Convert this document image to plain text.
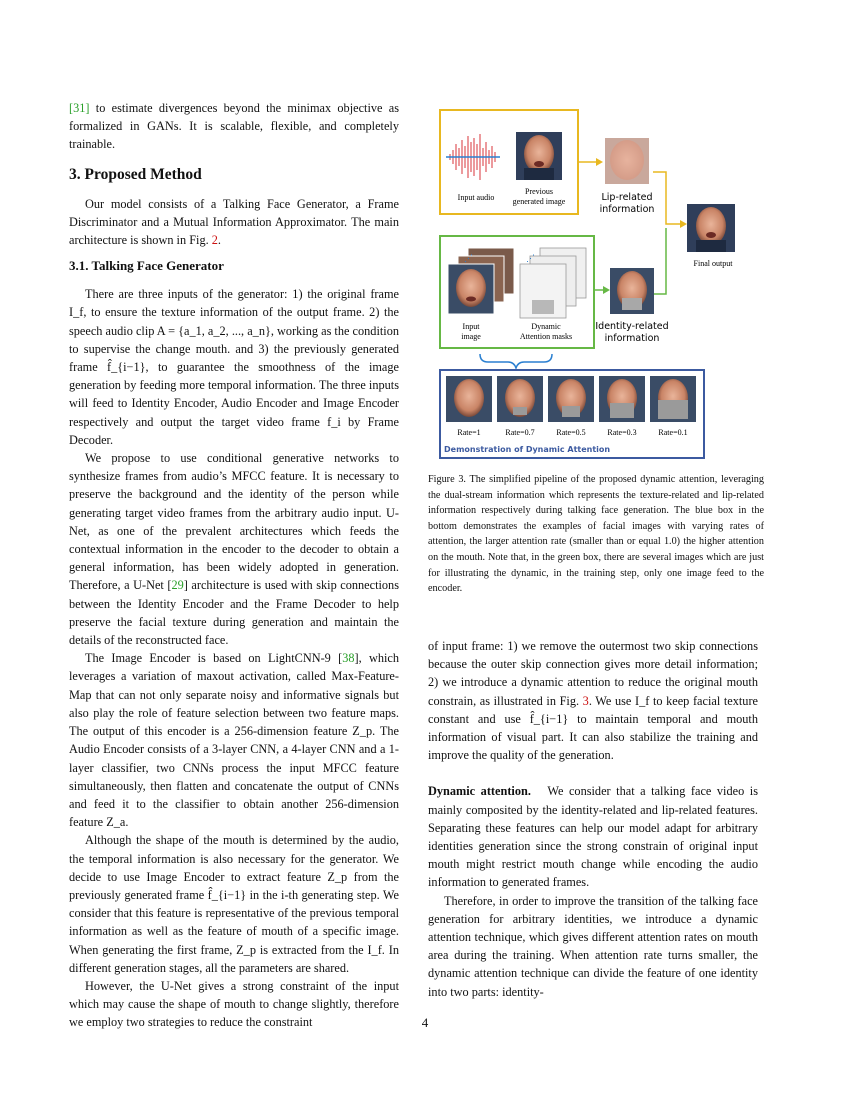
[31] to estimate divergences beyond the minimax objective as formalized in GANs. It is scalable, flexible, and completely trainable.

3. Proposed Method

Our model consists of a Talking Face Generator, a Frame Discriminator and a Mutual Information Approximator. The main architecture is shown in Fig. 2.

3.1. Talking Face Generator

There are three inputs of the generator: 1) the original frame I_f, to ensure the texture information of the output frame. 2) the speech audio clip A = {a_1, a_2, ..., a_n}, working as the condition to supervise the change mouth. and 3) the previously generated frame f̂_{i−1}, to guarantee the smoothness of the image generation by feeding more temporal information. The three inputs will feed to Identity Encoder, Audio Encoder and Image Encoder respectively and output the target video frame f_i by Frame Decoder.

We propose to use conditional generative networks to synthesize frames from audio’s MFCC feature. It is necessary to preserve the background and the identity of the person while generating target video frames from the arbitrary audio input. U-Net, as one of the prevalent architectures which feeds the contextual information in the encoder to the decoder to obtain a general information, has been widely adopted in generation. Therefore, a U-Net [29] architecture is used with skip connections between the Identity Encoder and the Frame Decoder to help preserve the facial texture during generation and maintain the details of the reconstructed face.

The Image Encoder is based on LightCNN-9 [38], which leverages a variation of maxout activation, called Max-Feature-Map that can not only separate noisy and informative signals but also play the role of feature selection between two feature maps. The output of this encoder is a 256-dimension feature Z_p. The Audio Encoder consists of a 3-layer CNN, a 4-layer CNN and a 1-layer classifier, two CNNs process the input MFCC feature simultaneously, then flatten and concatenate the output of CNNs and feed it to the classifier to obtain another 256-dimension feature Z_a.

Although the shape of the mouth is determined by the audio, the temporal information is also necessary for the generator. We decide to use Image Encoder to extract feature Z_p from the previously generated frame f̂_{i−1} in the i-th generating step. We consider that this feature is representative of the previous temporal information as well as the feature of mouth of a specific image. When generating the first frame, Z_p is extracted from the I_f. In different generation stages, all the parameters are shared.

However, the U-Net gives a strong constraint of the input which may cause the shape of mouth to change slightly, therefore we employ two strategies to reduce the constraint

Input audio
Previous
generated image	Lip-related
information
Final output
⋰
Input
image
⋰
Dynamic
Attention masks
Identity-related
information
Rate=1	Rate=0.7	Rate=0.5	Rate=0.3	Rate=0.1
Demonstration of Dynamic Attention
Figure 3. The simplified pipeline of the proposed dynamic attention, leveraging the dual-stream information which represents the texture-related and lip-related information respectively during talking face generation. The blue box in the bottom demonstrates the examples of facial images with varying rates of attention, the larger attention rate (smaller than or equal 1.0) the higher attention on the mouth. Note that, in the green box, there are several images which are just for illustrating the dynamic, in the training step, only one image feed to the encoder.

of input frame: 1) we remove the outermost two skip connections because the outer skip connection gives more detail information; 2) we introduce a dynamic attention to reduce the original mouth constrain, as illustrated in Fig. 3. We use I_f to keep facial texture constant and use f̂_{i−1} to maintain temporal and mouth information of visual part. It can also stabilize the training and improve the quality of the generation.

Dynamic attention. We consider that a talking face video is mainly composited by the identity-related and lip-related features. Separating these features can help our model adapt for arbitrary identities generation since the strong constrain of original input mouth might restrict mouth change while encoding the audio information to generated frames.

Therefore, in order to improve the transition of the talking face generation for arbitrary identities, we introduce a dynamic attention technique, which gives different attention rates on mouth area during the training. When attention rate turns smaller, the dynamic attention technique can divide the feature of one identity into two parts: identity-

4
